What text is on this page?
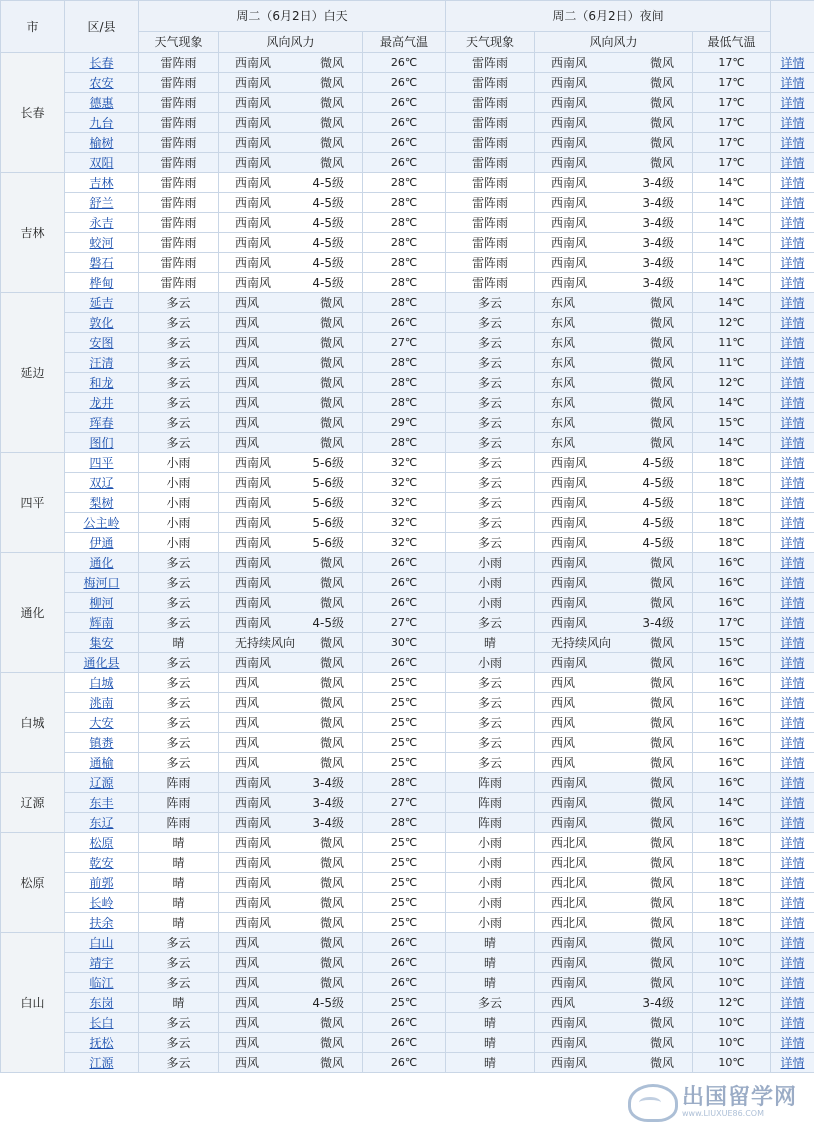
市	区/县	周二（6月2日）白天			周二（6月2日）夜间			
		天气现象	风向风力	最高气温	天气现象	风向风力	最低气温	
长春	长春	雷阵雨	西南风 微风	26℃	雷阵雨	西南风 微风	17℃	详情
	农安	雷阵雨	西南风 微风	26℃	雷阵雨	西南风 微风	17℃	详情
	德惠	雷阵雨	西南风 微风	26℃	雷阵雨	西南风 微风	17℃	详情
	九台	雷阵雨	西南风 微风	26℃	雷阵雨	西南风 微风	17℃	详情
	榆树	雷阵雨	西南风 微风	26℃	雷阵雨	西南风 微风	17℃	详情
	双阳	雷阵雨	西南风 微风	26℃	雷阵雨	西南风 微风	17℃	详情
吉林	吉林	雷阵雨	西南风 4-5级	28℃	雷阵雨	西南风 3-4级	14℃	详情
	舒兰	雷阵雨	西南风 4-5级	28℃	雷阵雨	西南风 3-4级	14℃	详情
	永吉	雷阵雨	西南风 4-5级	28℃	雷阵雨	西南风 3-4级	14℃	详情
	蛟河	雷阵雨	西南风 4-5级	28℃	雷阵雨	西南风 3-4级	14℃	详情
	磐石	雷阵雨	西南风 4-5级	28℃	雷阵雨	西南风 3-4级	14℃	详情
	桦甸	雷阵雨	西南风 4-5级	28℃	雷阵雨	西南风 3-4级	14℃	详情
延边	延吉	多云	西风 微风	28℃	多云	东风 微风	14℃	详情
	敦化	多云	西风 微风	26℃	多云	东风 微风	12℃	详情
	安图	多云	西风 微风	27℃	多云	东风 微风	11℃	详情
	汪清	多云	西风 微风	28℃	多云	东风 微风	11℃	详情
	和龙	多云	西风 微风	28℃	多云	东风 微风	12℃	详情
	龙井	多云	西风 微风	28℃	多云	东风 微风	14℃	详情
	珲春	多云	西风 微风	29℃	多云	东风 微风	15℃	详情
	图们	多云	西风 微风	28℃	多云	东风 微风	14℃	详情
四平	四平	小雨	西南风 5-6级	32℃	多云	西南风 4-5级	18℃	详情
	双辽	小雨	西南风 5-6级	32℃	多云	西南风 4-5级	18℃	详情
	梨树	小雨	西南风 5-6级	32℃	多云	西南风 4-5级	18℃	详情
	公主岭	小雨	西南风 5-6级	32℃	多云	西南风 4-5级	18℃	详情
	伊通	小雨	西南风 5-6级	32℃	多云	西南风 4-5级	18℃	详情
通化	通化	多云	西南风 微风	26℃	小雨	西南风 微风	16℃	详情
	梅河口	多云	西南风 微风	26℃	小雨	西南风 微风	16℃	详情
	柳河	多云	西南风 微风	26℃	小雨	西南风 微风	16℃	详情
	辉南	多云	西南风 4-5级	27℃	多云	西南风 3-4级	17℃	详情
	集安	晴	无持续风向 微风	30℃	晴	无持续风向 微风	15℃	详情
	通化县	多云	西南风 微风	26℃	小雨	西南风 微风	16℃	详情
白城	白城	多云	西风 微风	25℃	多云	西风 微风	16℃	详情
	洮南	多云	西风 微风	25℃	多云	西风 微风	16℃	详情
	大安	多云	西风 微风	25℃	多云	西风 微风	16℃	详情
	镇赉	多云	西风 微风	25℃	多云	西风 微风	16℃	详情
	通榆	多云	西风 微风	25℃	多云	西风 微风	16℃	详情
辽源	辽源	阵雨	西南风 3-4级	28℃	阵雨	西南风 微风	16℃	详情
	东丰	阵雨	西南风 3-4级	27℃	阵雨	西南风 微风	14℃	详情
	东辽	阵雨	西南风 3-4级	28℃	阵雨	西南风 微风	16℃	详情
松原	松原	晴	西南风 微风	25℃	小雨	西北风 微风	18℃	详情
	乾安	晴	西南风 微风	25℃	小雨	西北风 微风	18℃	详情
	前郭	晴	西南风 微风	25℃	小雨	西北风 微风	18℃	详情
	长岭	晴	西南风 微风	25℃	小雨	西北风 微风	18℃	详情
	扶余	晴	西南风 微风	25℃	小雨	西北风 微风	18℃	详情
白山	白山	多云	西风 微风	26℃	晴	西南风 微风	10℃	详情
	靖宇	多云	西风 微风	26℃	晴	西南风 微风	10℃	详情
	临江	多云	西风 微风	26℃	晴	西南风 微风	10℃	详情
	东岗	晴	西风 4-5级	25℃	多云	西风 3-4级	12℃	详情
	长白	多云	西风 微风	26℃	晴	西南风 微风	10℃	详情
	抚松	多云	西风 微风	26℃	晴	西南风 微风	10℃	详情
	江源	多云	西风 微风	26℃	晴	西南风 微风	10℃	详情
出国留学网
www.LIUXUE86.COM
